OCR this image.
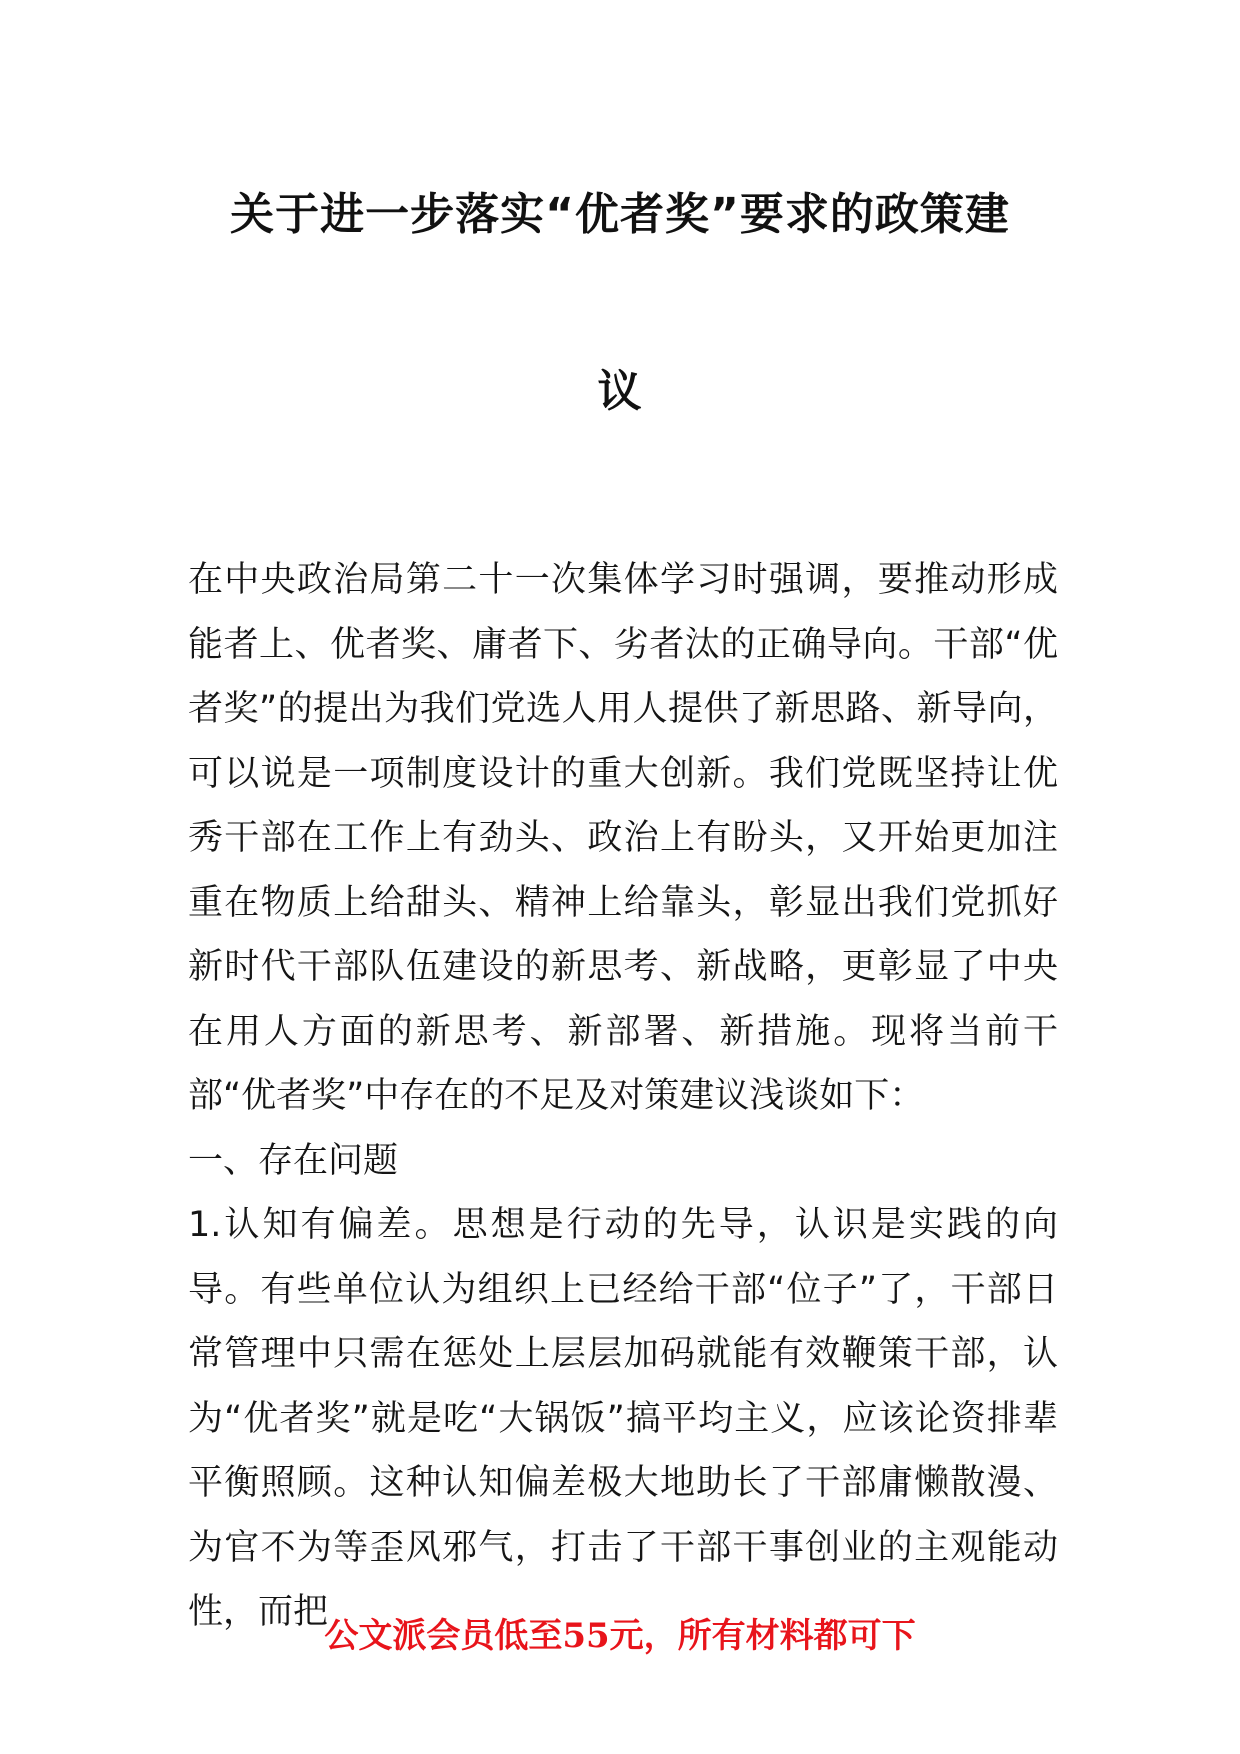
关于进一步落实“优者奖”要求的政策建
议

在中央政治局第二十一次集体学习时强调，要推动形成能者上、优者奖、庸者下、劣者汰的正确导向。干部“优者奖”的提出为我们党选人用人提供了新思路、新导向，可以说是一项制度设计的重大创新。我们党既坚持让优秀干部在工作上有劲头、政治上有盼头，又开始更加注重在物质上给甜头、精神上给靠头，彰显出我们党抓好新时代干部队伍建设的新思考、新战略，更彰显了中央在用人方面的新思考、新部署、新措施。现将当前干部“优者奖”中存在的不足及对策建议浅谈如下：

一、存在问题

1.认知有偏差。思想是行动的先导，认识是实践的向导。有些单位认为组织上已经给干部“位子”了，干部日常管理中只需在惩处上层层加码就能有效鞭策干部，认为“优者奖”就是吃“大锅饭”搞平均主义，应该论资排辈平衡照顾。这种认知偏差极大地助长了干部庸懒散漫、为官不为等歪风邪气，打击了干部干事创业的主观能动性，而把

公文派会员低至55元，所有材料都可下
